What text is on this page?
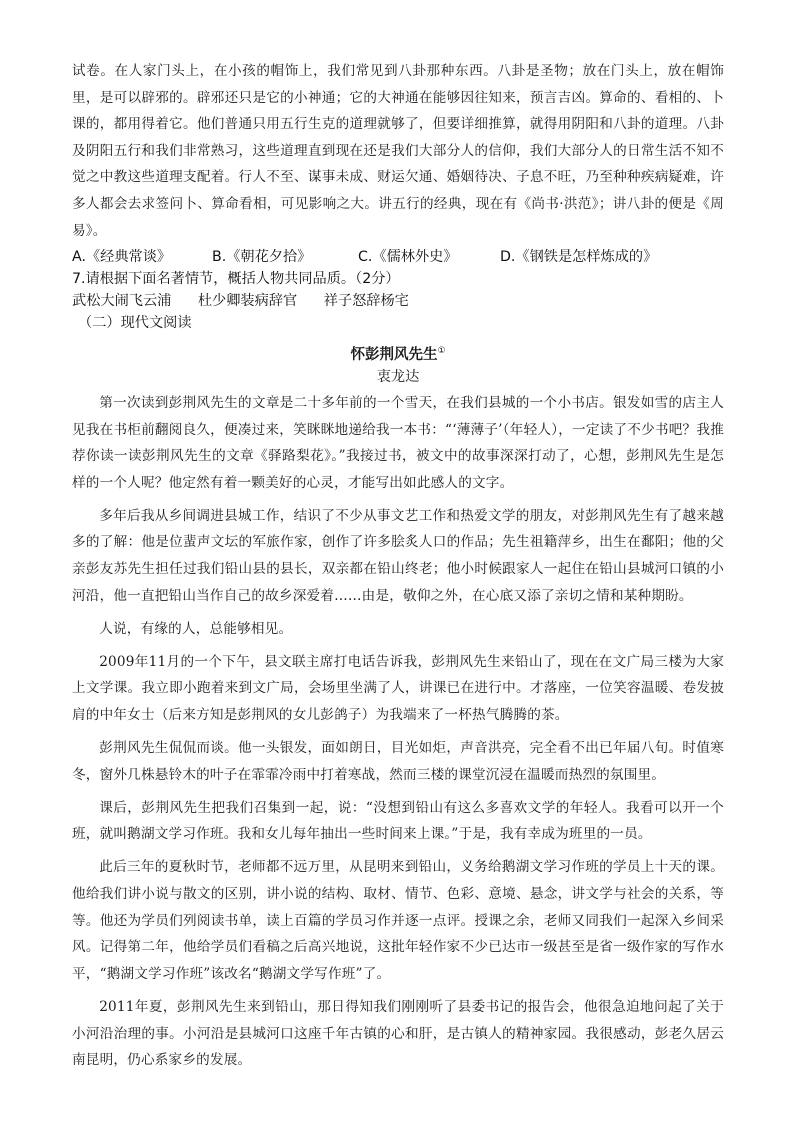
试卷。在人家门头上，在小孩的帽饰上，我们常见到八卦那种东西。八卦是圣物；放在门头上，放在帽饰里，是可以辟邪的。辟邪还只是它的小神通；它的大神通在能够因往知来，预言吉凶。算命的、看相的、卜课的，都用得着它。他们普通只用五行生克的道理就够了，但要详细推算，就得用阴阳和八卦的道理。八卦及阴阳五行和我们非常熟习，这些道理直到现在还是我们大部分人的信仰，我们大部分人的日常生活不知不觉之中教这些道理支配着。行人不至、谋事未成、财运欠通、婚姻待决、子息不旺，乃至种种疾病疑难，许多人都会去求签问卜、算命看相，可见影响之大。讲五行的经典，现在有《尚书·洪范》；讲八卦的便是《周易》。

A.《经典常谈》	B.《朝花夕拾》	C.《儒林外史》	D.《钢铁是怎样炼成的》
7.请根据下面名著情节，概括人物共同品质。（2分）
武松大闹飞云浦 杜少卿装病辞官 祥子怒辞杨宅
（二）现代文阅读
怀彭荆风先生①
衷龙达

第一次读到彭荆风先生的文章是二十多年前的一个雪天，在我们县城的一个小书店。银发如雪的店主人见我在书柜前翻阅良久，便凑过来，笑眯眯地递给我一本书：“‘薄薄子’（年轻人），一定读了不少书吧？我推荐你读一读彭荆风先生的文章《驿路梨花》。”我接过书，被文中的故事深深打动了，心想，彭荆风先生是怎样的一个人呢？他定然有着一颗美好的心灵，才能写出如此感人的文字。

多年后我从乡间调进县城工作，结识了不少从事文艺工作和热爱文学的朋友，对彭荆风先生有了越来越多的了解：他是位蜚声文坛的军旅作家，创作了许多脍炙人口的作品；先生祖籍萍乡，出生在鄱阳；他的父亲彭友苏先生担任过我们铅山县的县长，双亲都在铅山终老；他小时候跟家人一起住在铅山县城河口镇的小河沿，他一直把铅山当作自己的故乡深爱着……由是，敬仰之外，在心底又添了亲切之情和某种期盼。

人说，有缘的人，总能够相见。

2009年11月的一个下午，县文联主席打电话告诉我，彭荆风先生来铅山了，现在在文广局三楼为大家上文学课。我立即小跑着来到文广局，会场里坐满了人，讲课已在进行中。才落座，一位笑容温暖、卷发披肩的中年女士（后来方知是彭荆风的女儿彭鸽子）为我端来了一杯热气腾腾的茶。

彭荆风先生侃侃而谈。他一头银发，面如朗日，目光如炬，声音洪亮，完全看不出已年届八旬。时值寒冬，窗外几株悬铃木的叶子在霏霏冷雨中打着寒战，然而三楼的课堂沉浸在温暖而热烈的氛围里。

课后，彭荆风先生把我们召集到一起，说：“没想到铅山有这么多喜欢文学的年轻人。我看可以开一个班，就叫鹅湖文学习作班。我和女儿每年抽出一些时间来上课。”于是，我有幸成为班里的一员。

此后三年的夏秋时节，老师都不远万里，从昆明来到铅山，义务给鹅湖文学习作班的学员上十天的课。他给我们讲小说与散文的区别，讲小说的结构、取材、情节、色彩、意境、悬念，讲文学与社会的关系，等等。他还为学员们列阅读书单，读上百篇的学员习作并逐一点评。授课之余，老师又同我们一起深入乡间采风。记得第二年，他给学员们看稿之后高兴地说，这批年轻作家不少已达市一级甚至是省一级作家的写作水平，“鹅湖文学习作班”该改名“鹅湖文学写作班”了。

2011年夏，彭荆风先生来到铅山，那日得知我们刚刚听了县委书记的报告会，他很急迫地问起了关于小河沿治理的事。小河沿是县城河口这座千年古镇的心和肝，是古镇人的精神家园。我很感动，彭老久居云南昆明，仍心系家乡的发展。
